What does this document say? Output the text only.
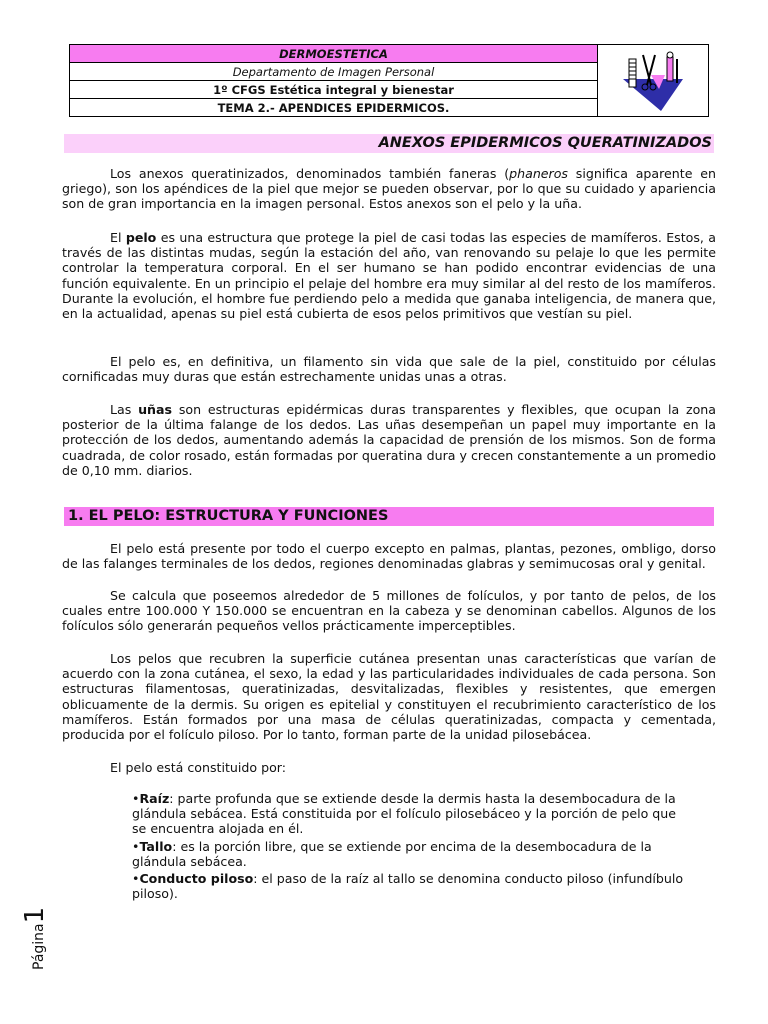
DERMOESTETICA	

Departamento de Imagen Personal
1º CFGS Estética integral y bienestar
TEMA 2.- APENDICES EPIDERMICOS.
ANEXOS EPIDERMICOS QUERATINIZADOS

Los anexos queratinizados, denominados también faneras (phaneros significa aparente en griego), son los apéndices de la piel que mejor se pueden observar, por lo que su cuidado y apariencia son de gran importancia en la imagen personal. Estos anexos son el pelo y la uña.

El pelo es una estructura que protege la piel de casi todas las especies de mamíferos. Estos, a través de las distintas mudas, según la estación del año, van renovando su pelaje lo que les permite controlar la temperatura corporal. En el ser humano se han podido encontrar evidencias de una función equivalente. En un principio el pelaje del hombre era muy similar al del resto de los mamíferos. Durante la evolución, el hombre fue perdiendo pelo a medida que ganaba inteligencia, de manera que, en la actualidad, apenas su piel está cubierta de esos pelos primitivos que vestían su piel.

El pelo es, en definitiva, un filamento sin vida que sale de la piel, constituido por células cornificadas muy duras que están estrechamente unidas unas a otras.

Las uñas son estructuras epidérmicas duras transparentes y flexibles, que ocupan la zona posterior de la última falange de los dedos. Las uñas desempeñan un papel muy importante en la protección de los dedos, aumentando además la capacidad de prensión de los mismos. Son de forma cuadrada, de color rosado, están formadas por queratina dura y crecen constantemente a un promedio de 0,10 mm. diarios.

1. EL PELO: ESTRUCTURA Y FUNCIONES

El pelo está presente por todo el cuerpo excepto en palmas, plantas, pezones, ombligo, dorso de las falanges terminales de los dedos, regiones denominadas glabras y semimucosas oral y genital.

Se calcula que poseemos alrededor de 5 millones de folículos, y por tanto de pelos, de los cuales entre 100.000 Y 150.000 se encuentran en la cabeza y se denominan cabellos. Algunos de los folículos sólo generarán pequeños vellos prácticamente imperceptibles.

Los pelos que recubren la superficie cutánea presentan unas características que varían de acuerdo con la zona cutánea, el sexo, la edad y las particularidades individuales de cada persona. Son estructuras filamentosas, queratinizadas, desvitalizadas, flexibles y resistentes, que emergen oblicuamente de la dermis. Su origen es epitelial y constituyen el recubrimiento característico de los mamíferos. Están formados por una masa de células queratinizadas, compacta y cementada, producida por el folículo piloso. Por lo tanto, forman parte de la unidad pilosebácea.

El pelo está constituido por:

•Raíz: parte profunda que se extiende desde la dermis hasta la desembocadura de la glándula sebácea. Está constituida por el folículo pilosebáceo y la porción de pelo que se encuentra alojada en él.

•Tallo: es la porción libre, que se extiende por encima de la desembocadura de la glándula sebácea.

•Conducto piloso: el paso de la raíz al tallo se denomina conducto piloso (infundíbulo piloso).

Página1
